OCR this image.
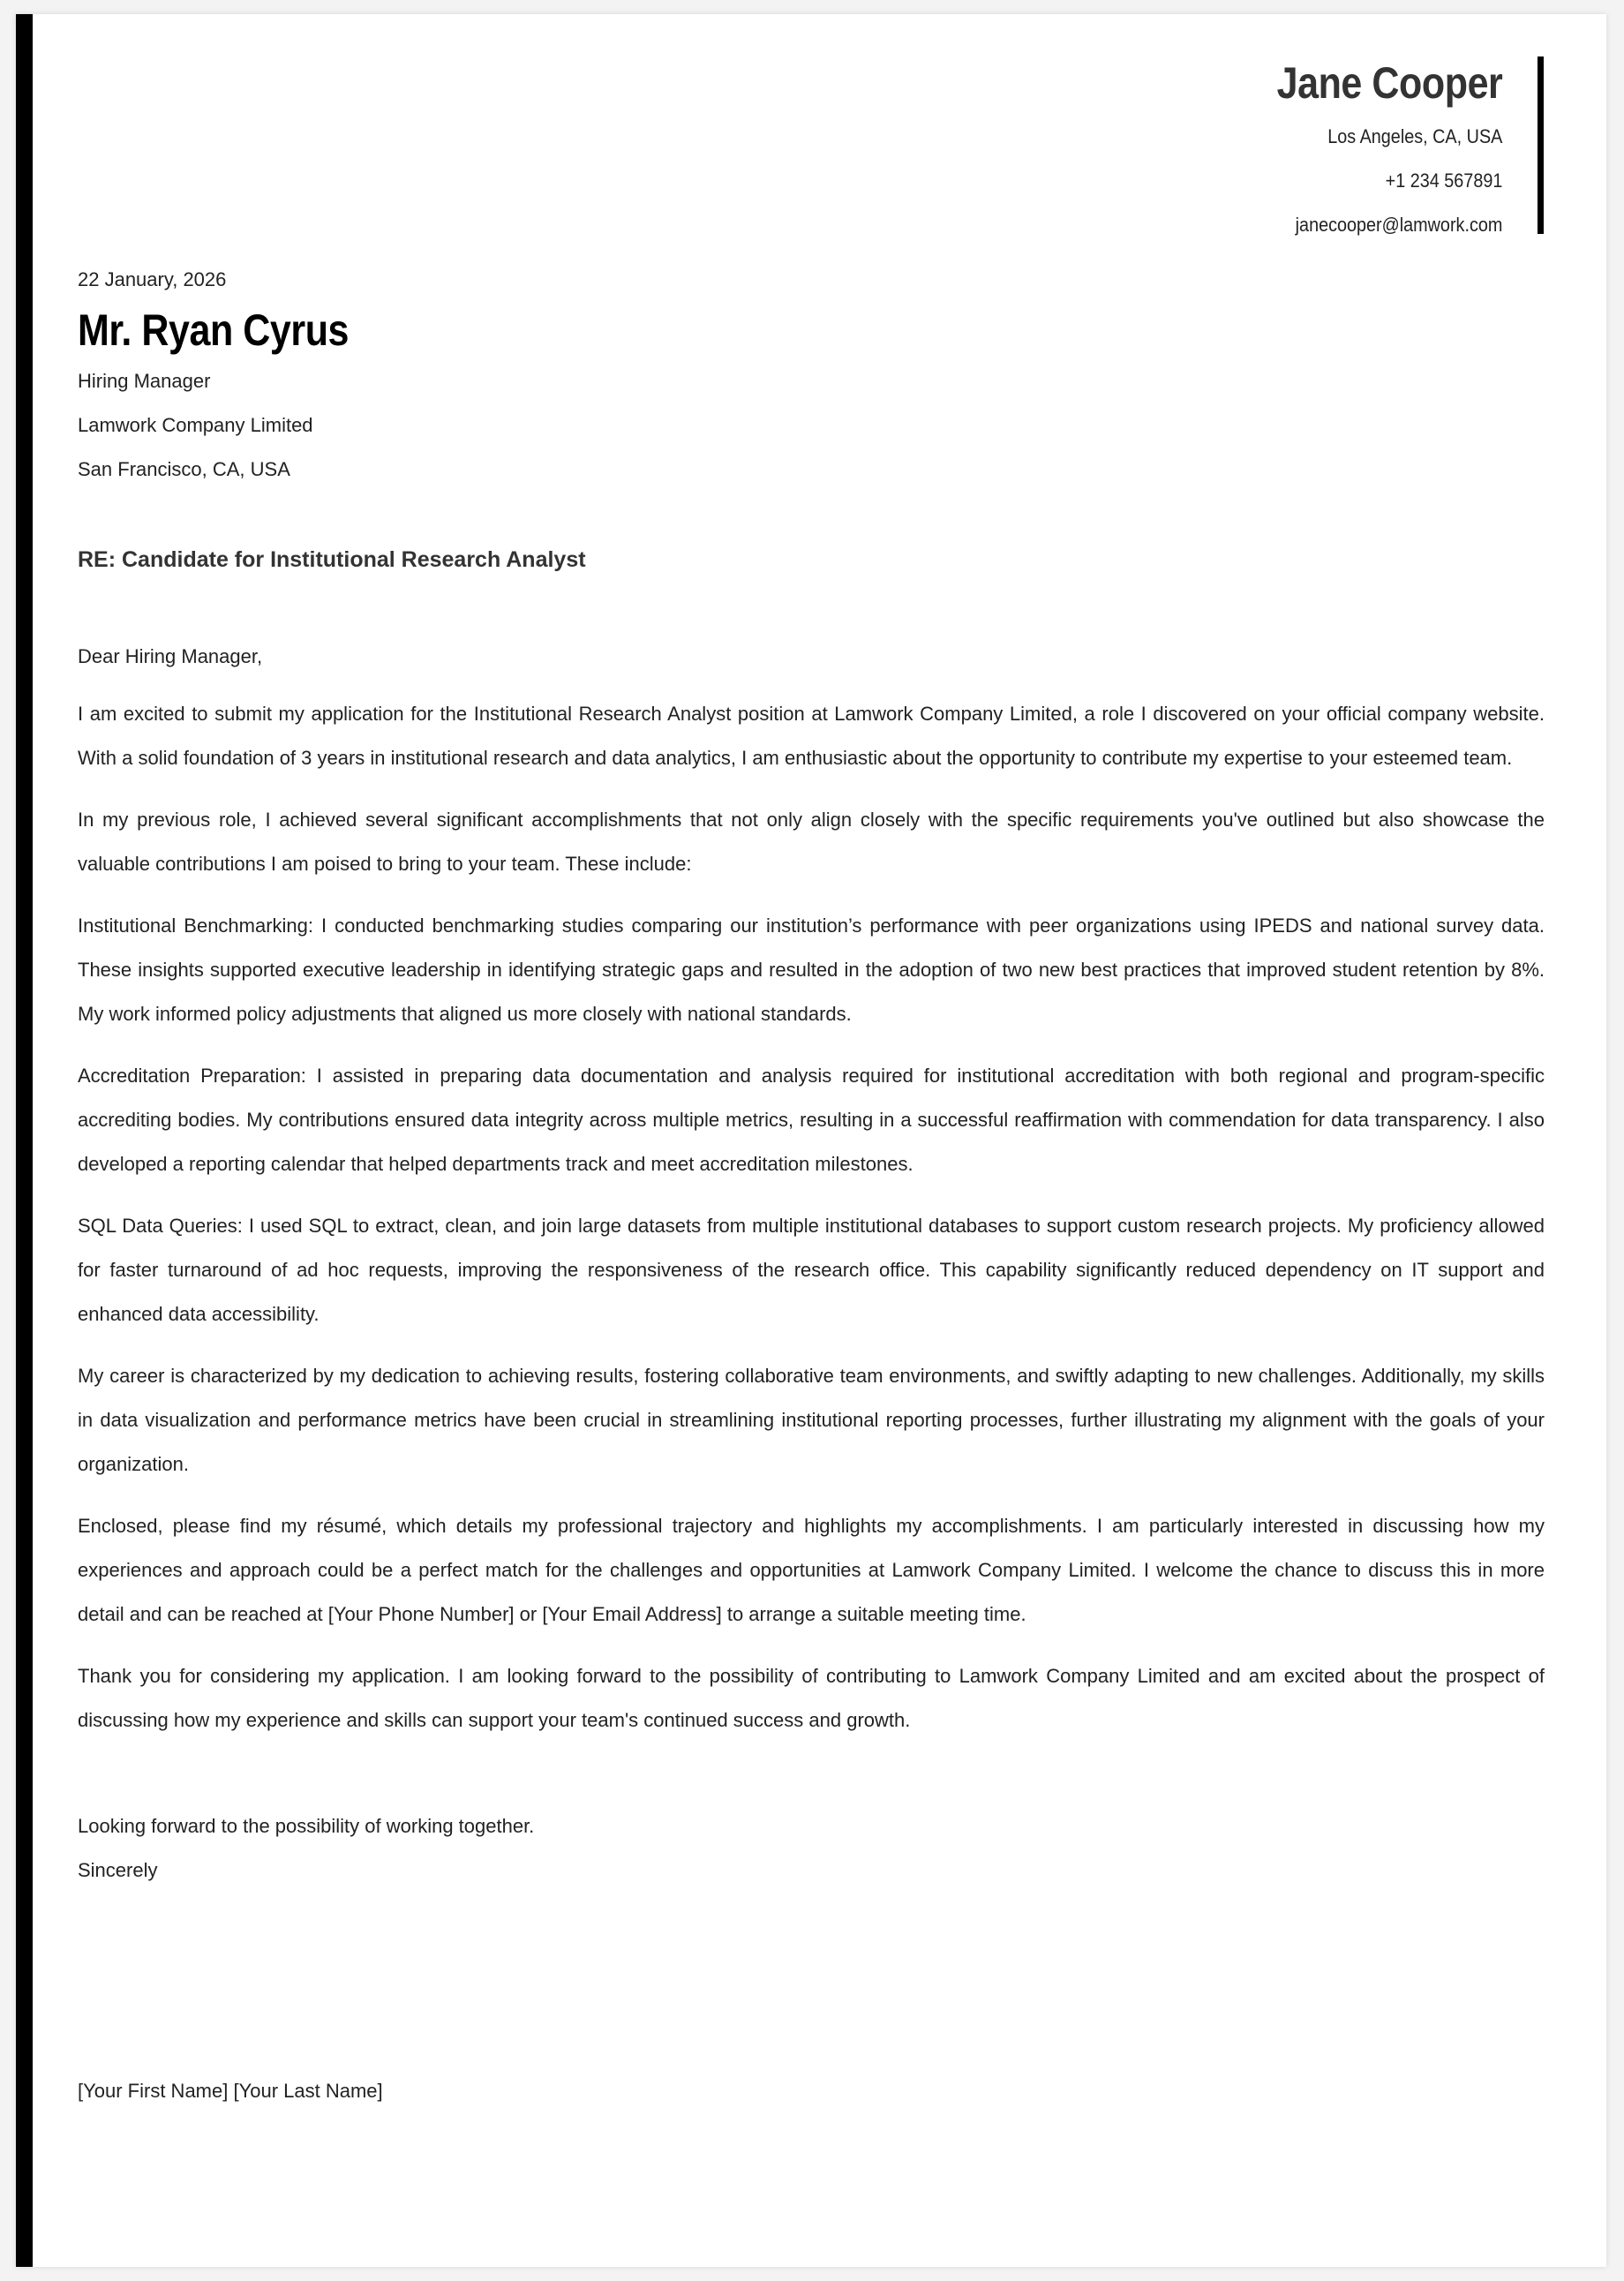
Jane Cooper
Los Angeles, CA, USA
+1 234 567891
janecooper@lamwork.com

22 January, 2026

Mr. Ryan Cyrus

Hiring Manager

Lamwork Company Limited

San Francisco, CA, USA

RE: Candidate for Institutional Research Analyst

Dear Hiring Manager,

I am excited to submit my application for the Institutional Research Analyst position at Lamwork Company Limited, a role I discovered on your official company website. With a solid foundation of 3 years in institutional research and data analytics, I am enthusiastic about the opportunity to contribute my expertise to your esteemed team.

In my previous role, I achieved several significant accomplishments that not only align closely with the specific requirements you've outlined but also showcase the valuable contributions I am poised to bring to your team. These include:

Institutional Benchmarking: I conducted benchmarking studies comparing our institution’s performance with peer organizations using IPEDS and national survey data. These insights supported executive leadership in identifying strategic gaps and resulted in the adoption of two new best practices that improved student retention by 8%. My work informed policy adjustments that aligned us more closely with national standards.

Accreditation Preparation: I assisted in preparing data documentation and analysis required for institutional accreditation with both regional and program-specific accrediting bodies. My contributions ensured data integrity across multiple metrics, resulting in a successful reaffirmation with commendation for data transparency. I also developed a reporting calendar that helped departments track and meet accreditation milestones.

SQL Data Queries: I used SQL to extract, clean, and join large datasets from multiple institutional databases to support custom research projects. My proficiency allowed for faster turnaround of ad hoc requests, improving the responsiveness of the research office. This capability significantly reduced dependency on IT support and enhanced data accessibility.

My career is characterized by my dedication to achieving results, fostering collaborative team environments, and swiftly adapting to new challenges. Additionally, my skills in data visualization and performance metrics have been crucial in streamlining institutional reporting processes, further illustrating my alignment with the goals of your organization.

Enclosed, please find my résumé, which details my professional trajectory and highlights my accomplishments. I am particularly interested in discussing how my experiences and approach could be a perfect match for the challenges and opportunities at Lamwork Company Limited. I welcome the chance to discuss this in more detail and can be reached at [Your Phone Number] or [Your Email Address] to arrange a suitable meeting time.

Thank you for considering my application. I am looking forward to the possibility of contributing to Lamwork Company Limited and am excited about the prospect of discussing how my experience and skills can support your team's continued success and growth.

Looking forward to the possibility of working together.

Sincerely

[Your First Name] [Your Last Name]
